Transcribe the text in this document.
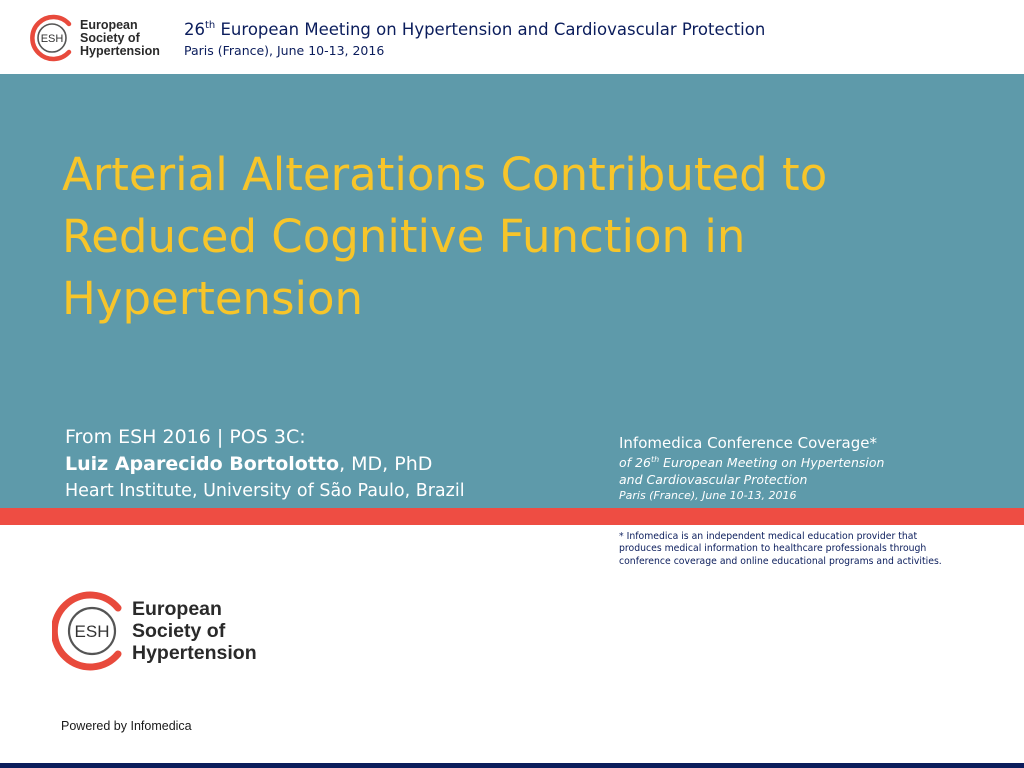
ESH
European
Society of
Hypertension
26th European Meeting on Hypertension and Cardiovascular Protection
Paris (France), June 10-13, 2016
Arterial Alterations Contributed to Reduced Cognitive Function in Hypertension
From ESH 2016 | POS 3C:
Luiz Aparecido Bortolotto, MD, PhD
Heart Institute, University of São Paulo, Brazil
Infomedica Conference Coverage*
of 26th European Meeting on Hypertension
and Cardiovascular Protection
Paris (France), June 10-13, 2016
* Infomedica is an independent medical education provider that produces medical information to healthcare professionals through conference coverage and online educational programs and activities.
ESH
European
Society of
Hypertension
Powered by Infomedica
